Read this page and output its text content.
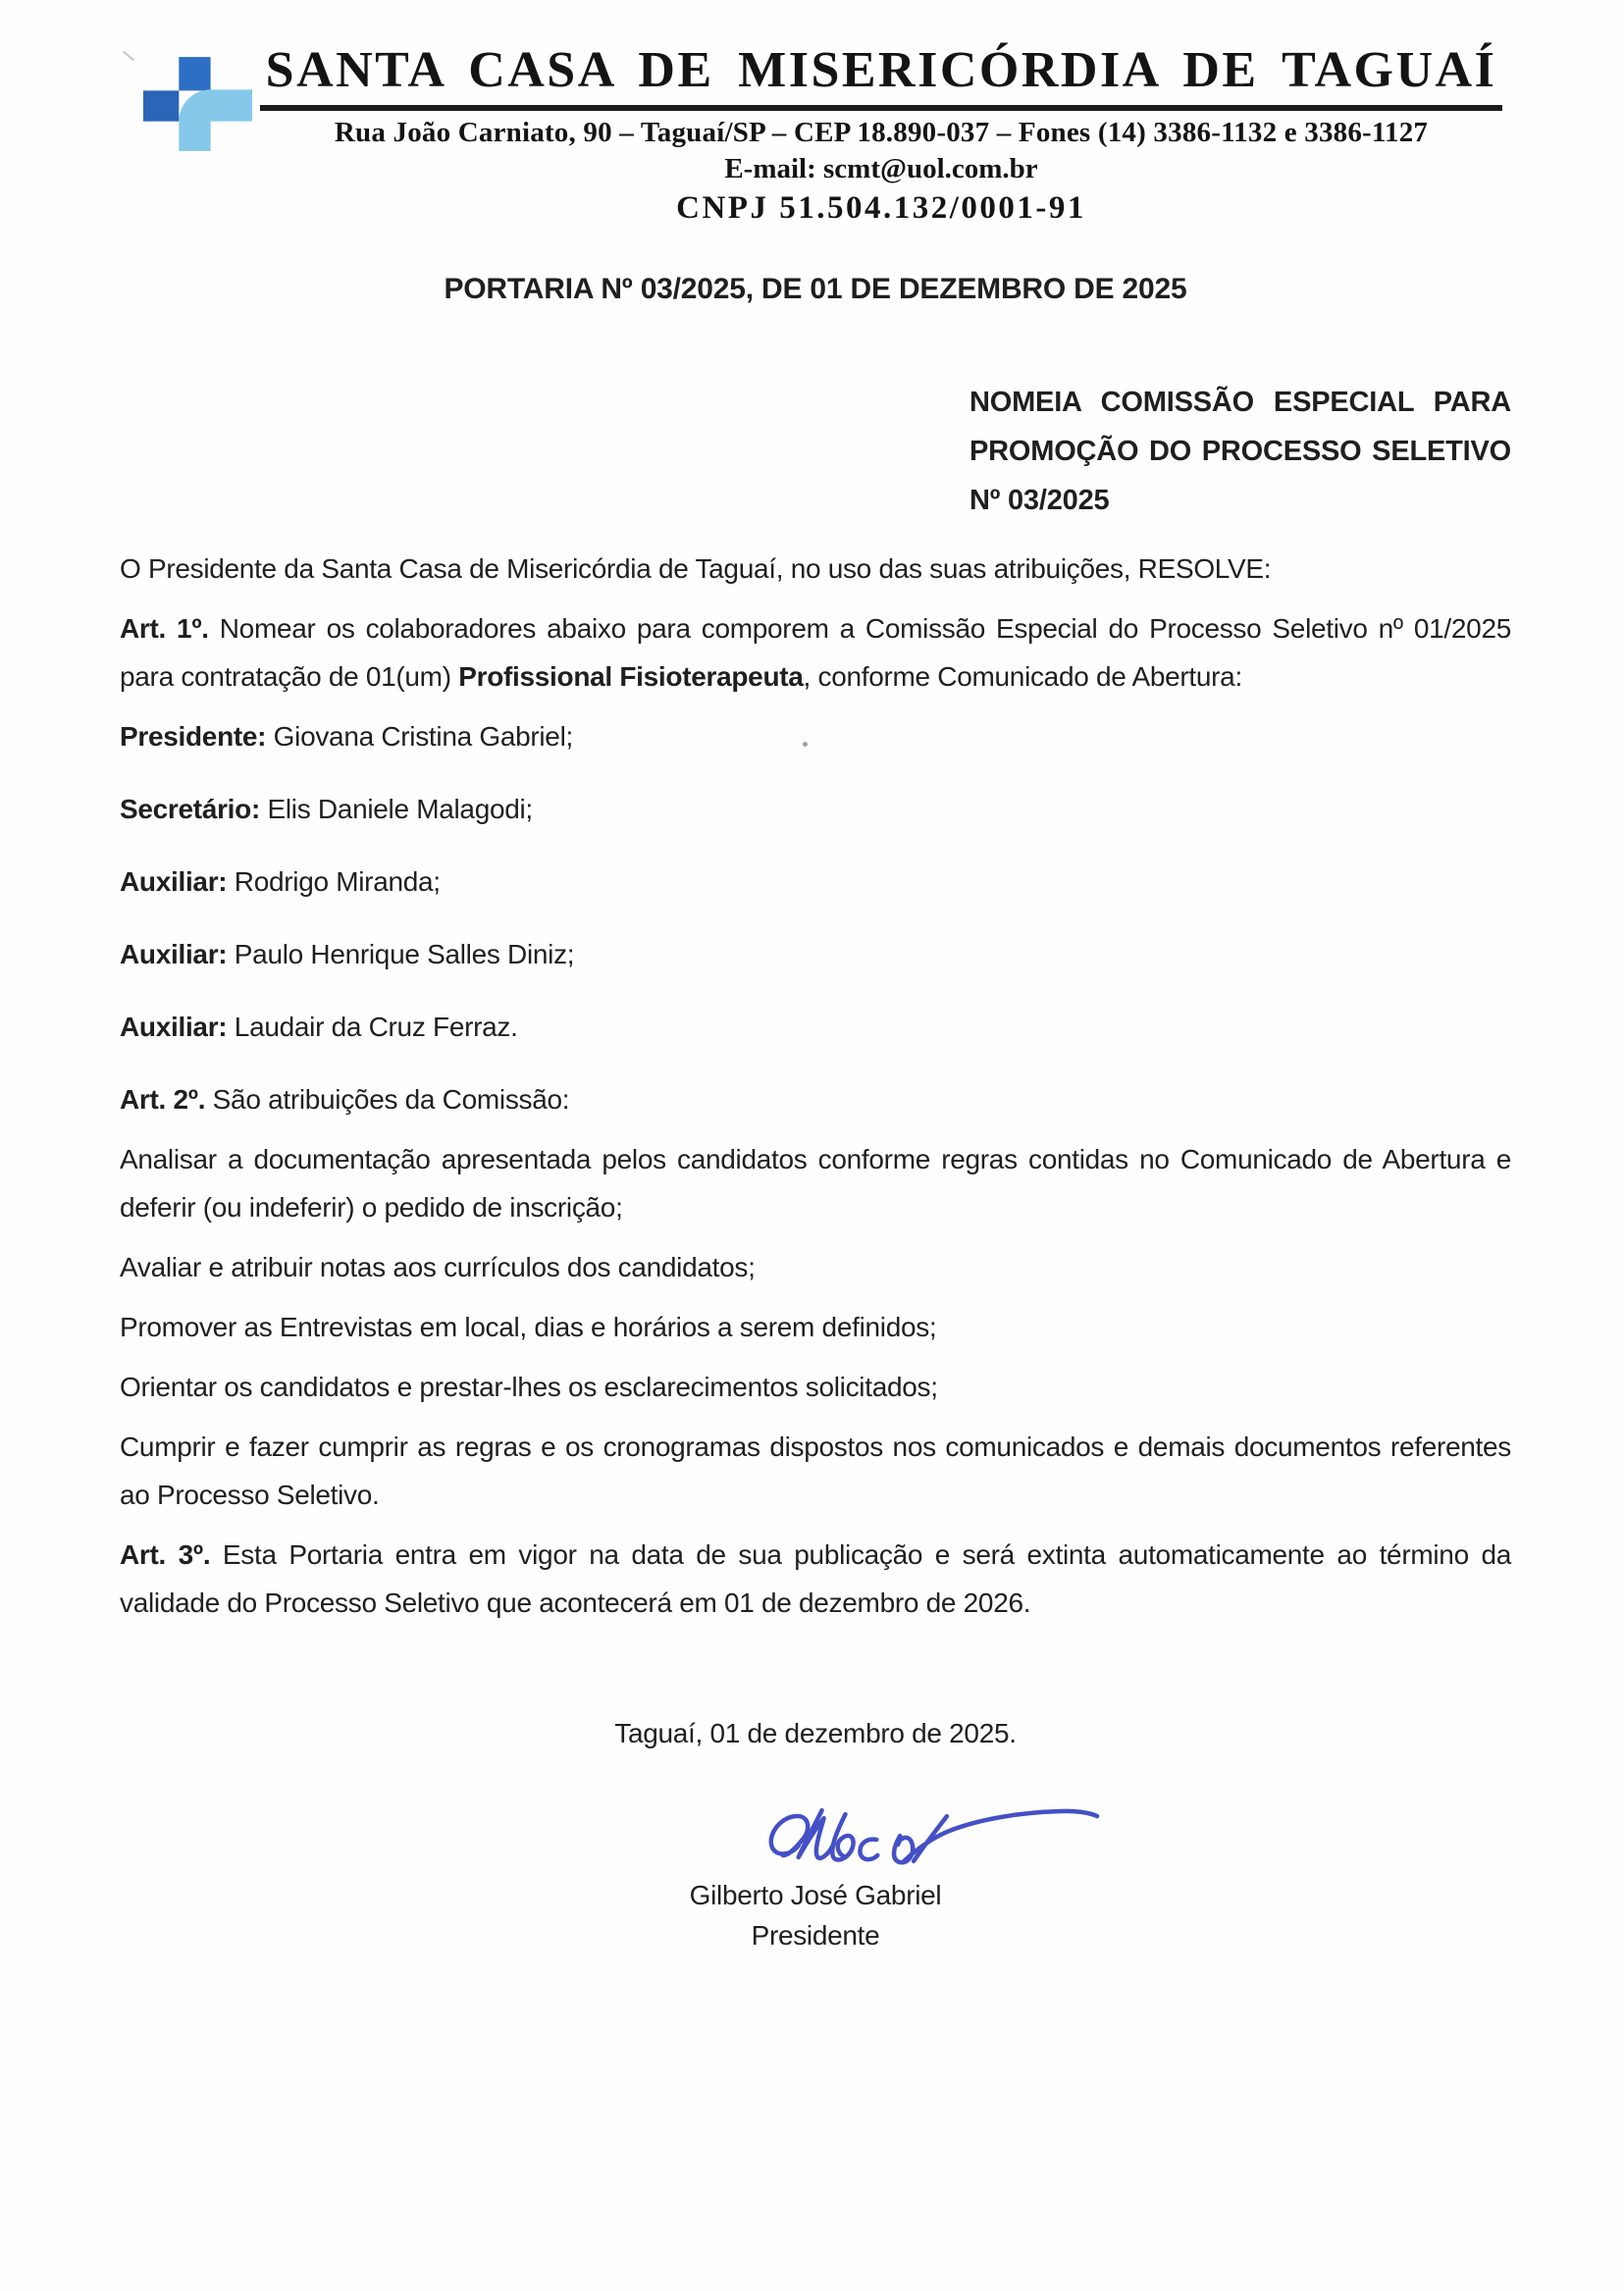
SANTA CASA DE MISERICÓRDIA DE TAGUAÍ
Rua João Carniato, 90 – Taguaí/SP – CEP 18.890-037 – Fones (14) 3386-1132 e 3386-1127
E-mail: scmt@uol.com.br
CNPJ 51.504.132/0001-91
PORTARIA Nº 03/2025, DE 01 DE DEZEMBRO DE 2025
NOMEIA COMISSÃO ESPECIAL PARA PROMOÇÃO DO PROCESSO SELETIVO Nº 03/2025

O Presidente da Santa Casa de Misericórdia de Taguaí, no uso das suas atribuições, RESOLVE:

Art. 1º. Nomear os colaboradores abaixo para comporem a Comissão Especial do Processo Seletivo nº 01/2025 para contratação de 01(um) Profissional Fisioterapeuta, conforme Comunicado de Abertura:

Presidente: Giovana Cristina Gabriel;

Secretário: Elis Daniele Malagodi;

Auxiliar: Rodrigo Miranda;

Auxiliar: Paulo Henrique Salles Diniz;

Auxiliar: Laudair da Cruz Ferraz.

Art. 2º. São atribuições da Comissão:

Analisar a documentação apresentada pelos candidatos conforme regras contidas no Comunicado de Abertura e deferir (ou indeferir) o pedido de inscrição;

Avaliar e atribuir notas aos currículos dos candidatos;

Promover as Entrevistas em local, dias e horários a serem definidos;

Orientar os candidatos e prestar-lhes os esclarecimentos solicitados;

Cumprir e fazer cumprir as regras e os cronogramas dispostos nos comunicados e demais documentos referentes ao Processo Seletivo.

Art. 3º. Esta Portaria entra em vigor na data de sua publicação e será extinta automaticamente ao término da validade do Processo Seletivo que acontecerá em 01 de dezembro de 2026.

Taguaí, 01 de dezembro de 2025.

Gilberto José Gabriel
Presidente
